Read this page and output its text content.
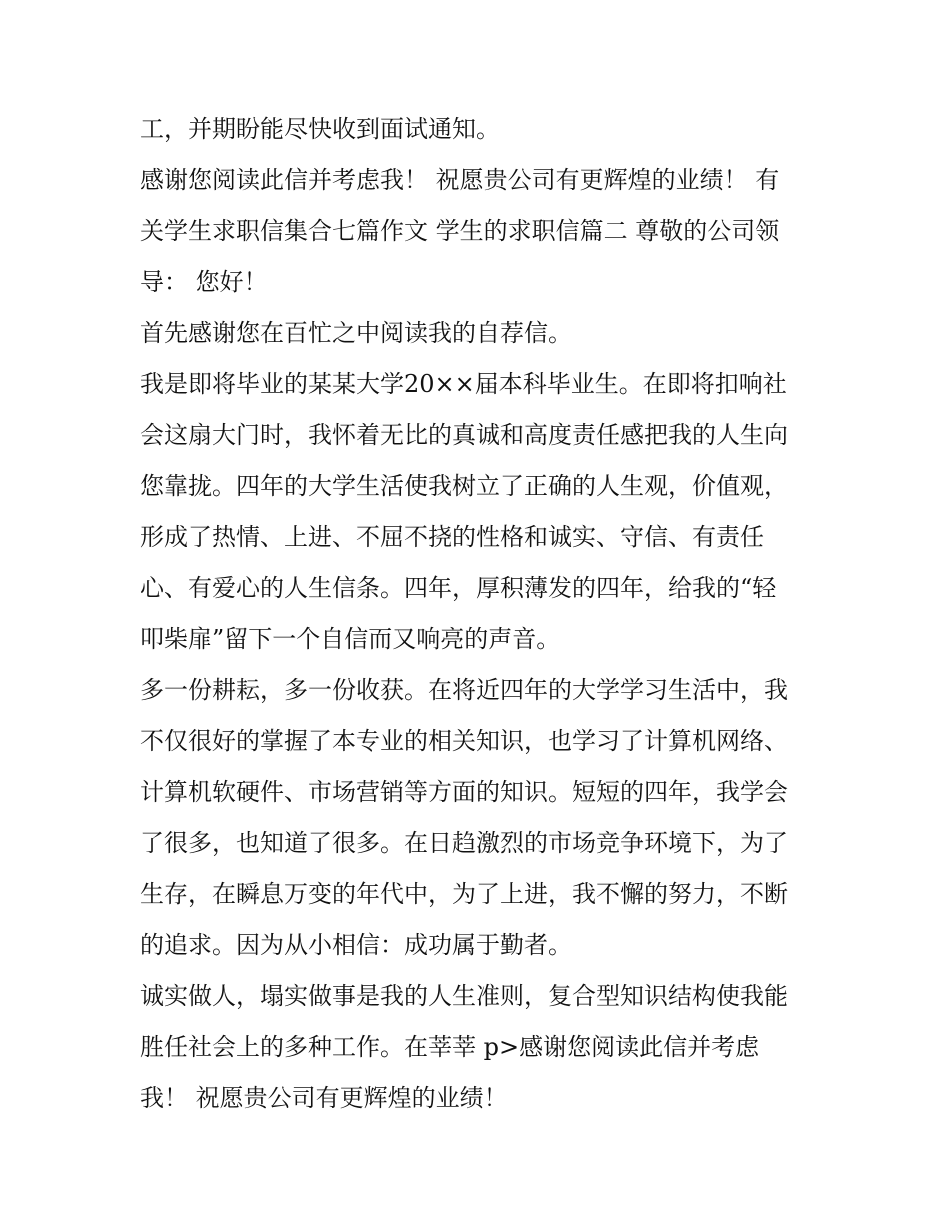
工，并期盼能尽快收到面试通知。

感谢您阅读此信并考虑我！ 祝愿贵公司有更辉煌的业绩！ 有

关学生求职信集合七篇作文 学生的求职信篇二 尊敬的公司领

导： 您好！

首先感谢您在百忙之中阅读我的自荐信。

我是即将毕业的某某大学20××届本科毕业生。在即将扣响社

会这扇大门时，我怀着无比的真诚和高度责任感把我的人生向

您靠拢。四年的大学生活使我树立了正确的人生观，价值观，

形成了热情、上进、不屈不挠的性格和诚实、守信、有责任

心、有爱心的人生信条。四年，厚积薄发的四年，给我的“轻

叩柴扉”留下一个自信而又响亮的声音。

多一份耕耘，多一份收获。在将近四年的大学学习生活中，我

不仅很好的掌握了本专业的相关知识，也学习了计算机网络、

计算机软硬件、市场营销等方面的知识。短短的四年，我学会

了很多，也知道了很多。在日趋激烈的市场竞争环境下，为了

生存，在瞬息万变的年代中，为了上进，我不懈的努力，不断

的追求。因为从小相信：成功属于勤者。

诚实做人，塌实做事是我的人生准则，复合型知识结构使我能

胜任社会上的多种工作。在莘莘 p>感谢您阅读此信并考虑

我！ 祝愿贵公司有更辉煌的业绩！
